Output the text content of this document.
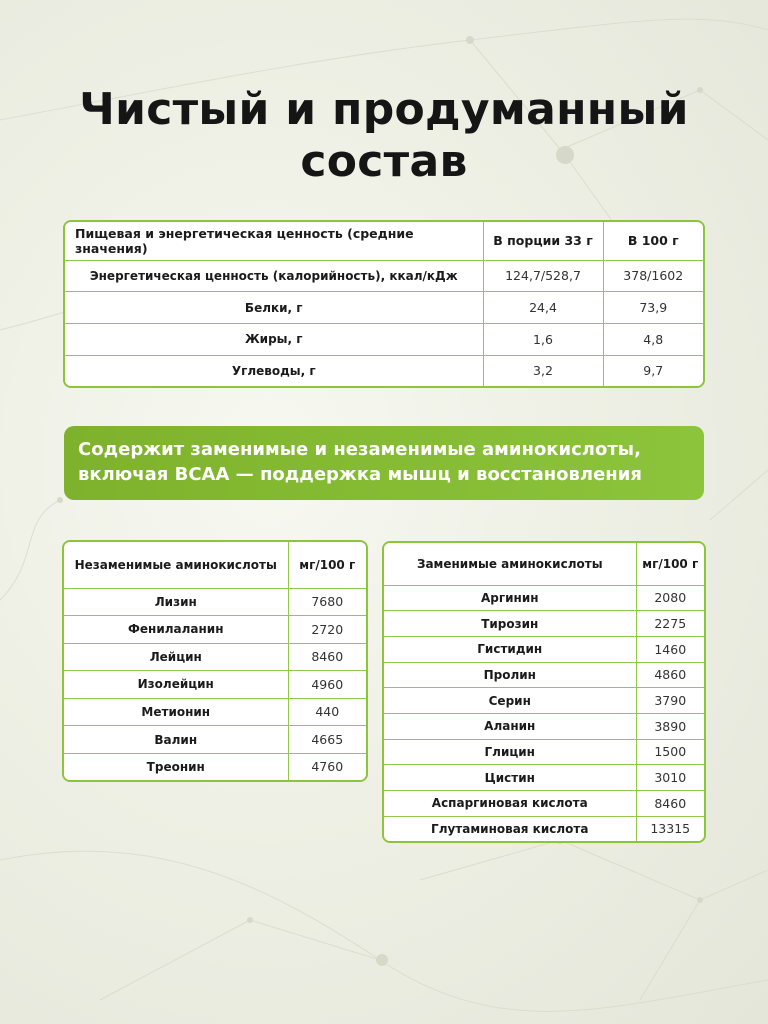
Чистый и продуманный
состав
Пищевая и энергетическая ценность (средние значения)	В порции 33 г	В 100 г
Энергетическая ценность (калорийность), ккал/кДж	124,7/528,7	378/1602
Белки, г	24,4	73,9
Жиры, г	1,6	4,8
Углеводы, г	3,2	9,7
Содержит заменимые и незаменимые аминокислоты,
включая ВСАА — поддержка мышц и восстановления
Незаменимые аминокислоты	мг/100 г
Лизин	7680
Фенилаланин	2720
Лейцин	8460
Изолейцин	4960
Метионин	440
Валин	4665
Треонин	4760
Заменимые аминокислоты	мг/100 г
Аргинин	2080
Тирозин	2275
Гистидин	1460
Пролин	4860
Серин	3790
Аланин	3890
Глицин	1500
Цистин	3010
Аспаргиновая кислота	8460
Глутаминовая кислота	13315
